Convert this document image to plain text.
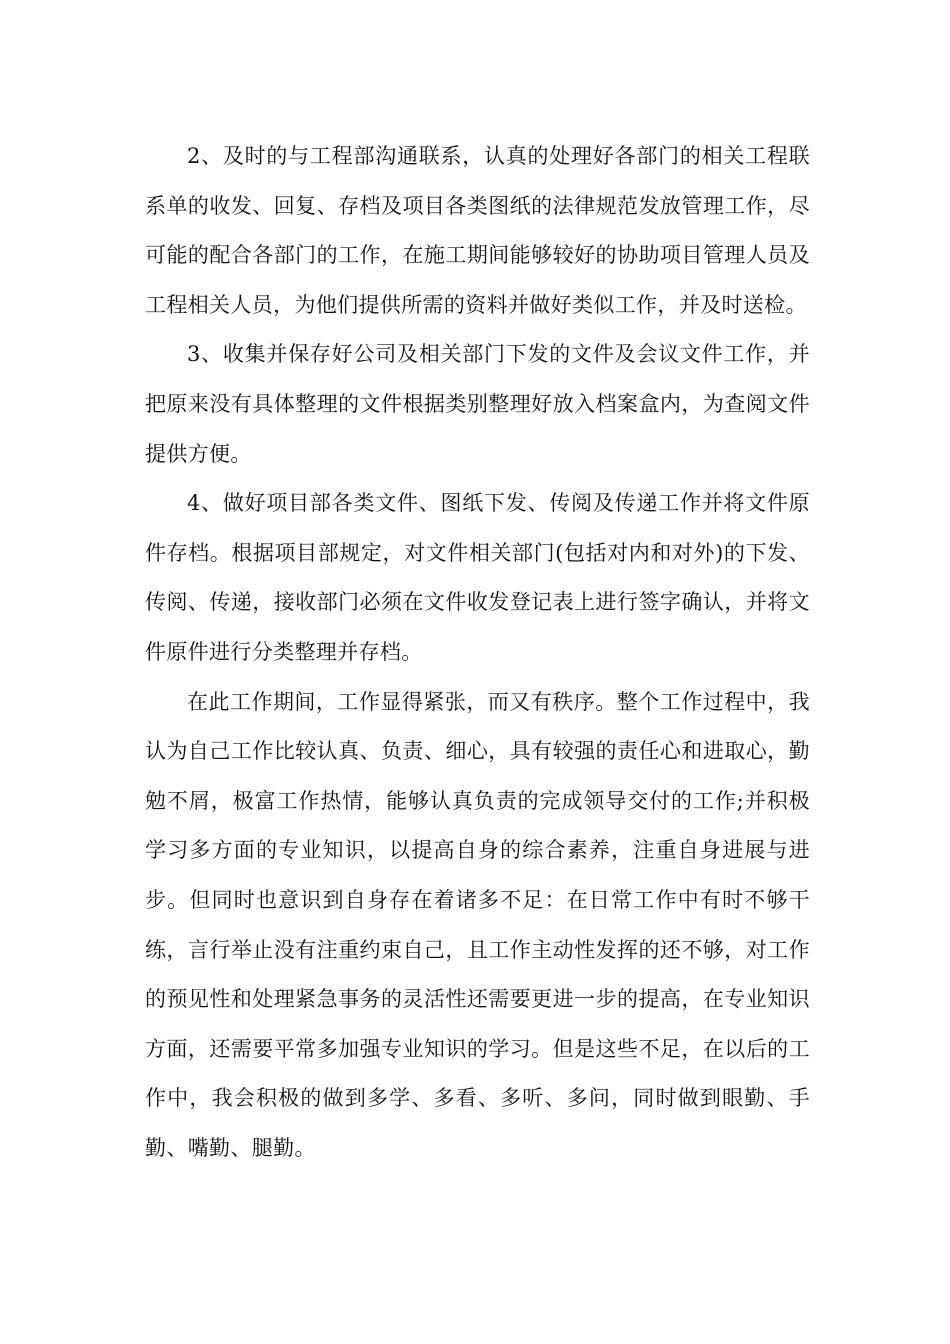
2、及时的与工程部沟通联系，认真的处理好各部门的相关工程联系单的收发、回复、存档及项目各类图纸的法律规范发放管理工作，尽可能的配合各部门的工作，在施工期间能够较好的协助项目管理人员及工程相关人员，为他们提供所需的资料并做好类似工作，并及时送检。

3、收集并保存好公司及相关部门下发的文件及会议文件工作，并把原来没有具体整理的文件根据类别整理好放入档案盒内，为查阅文件提供方便。

4、做好项目部各类文件、图纸下发、传阅及传递工作并将文件原件存档。根据项目部规定，对文件相关部门(包括对内和对外)的下发、传阅、传递，接收部门必须在文件收发登记表上进行签字确认，并将文件原件进行分类整理并存档。

在此工作期间，工作显得紧张，而又有秩序。整个工作过程中，我认为自己工作比较认真、负责、细心，具有较强的责任心和进取心，勤勉不屑，极富工作热情，能够认真负责的完成领导交付的工作;并积极学习多方面的专业知识，以提高自身的综合素养，注重自身进展与进步。但同时也意识到自身存在着诸多不足：在日常工作中有时不够干练，言行举止没有注重约束自己，且工作主动性发挥的还不够，对工作的预见性和处理紧急事务的灵活性还需要更进一步的提高，在专业知识方面，还需要平常多加强专业知识的学习。但是这些不足，在以后的工作中，我会积极的做到多学、多看、多听、多问，同时做到眼勤、手勤、嘴勤、腿勤。
